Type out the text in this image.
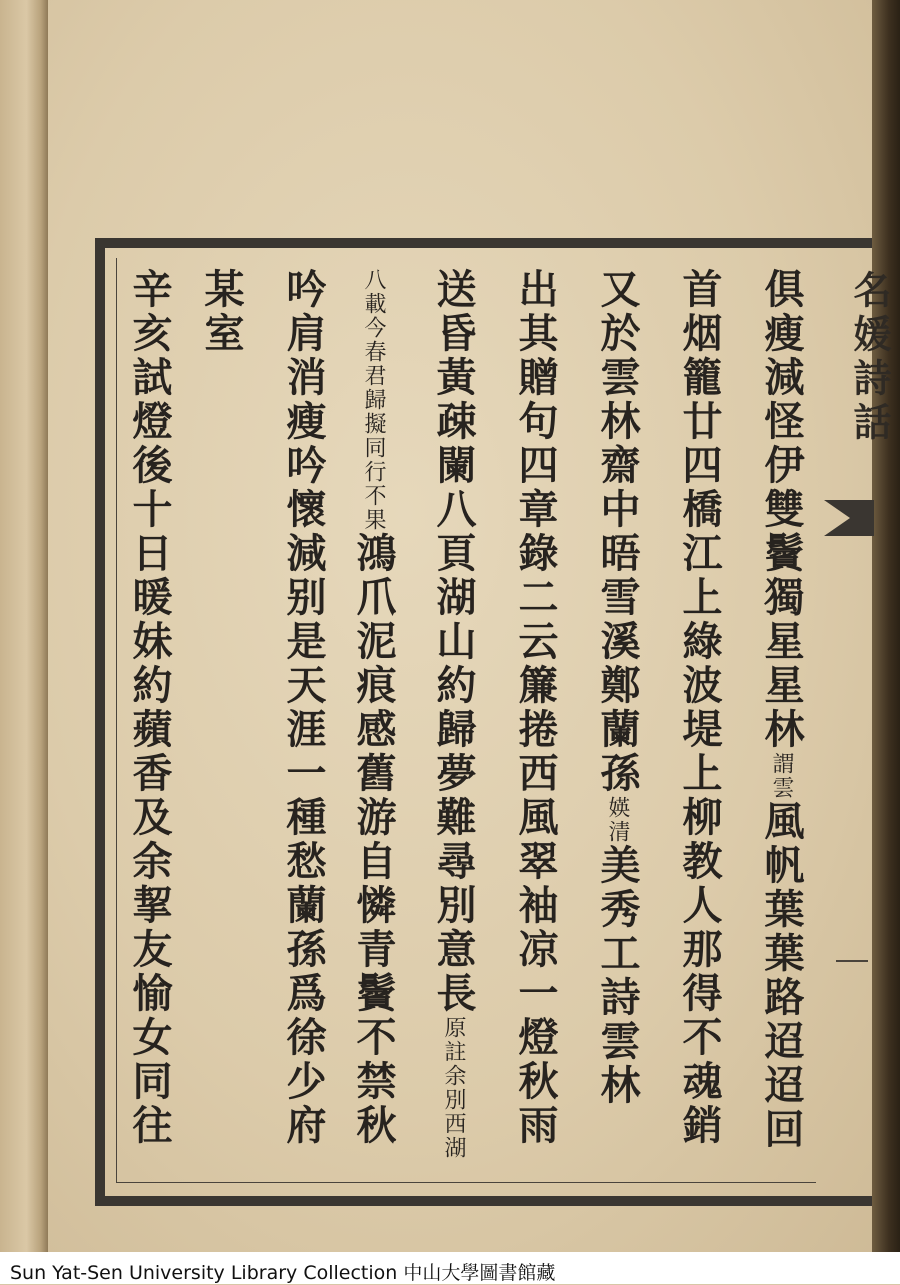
名媛詩話
俱瘦減怪伊雙鬢獨星星林謂雲風帆葉葉路迢迢回
首烟籠廿四橋江上綠波堤上柳教人那得不魂銷
又於雲林齋中晤雪溪鄭蘭孫媖清美秀工詩雲林
出其贈句四章錄二云簾捲西風翠袖凉一燈秋雨
送昏黃疎闌八頁湖山約歸夢難尋別意長原註余別西湖
八載今春君歸擬同行不果鴻爪泥痕感舊游自憐青鬢不禁秋
吟肩消瘦吟懷減别是天涯一種愁蘭孫爲徐少府
某室
辛亥試燈後十日暖妹約蘋香及余挈友愉女同往
Sun Yat-Sen University Library Collection 中山大學圖書館藏
